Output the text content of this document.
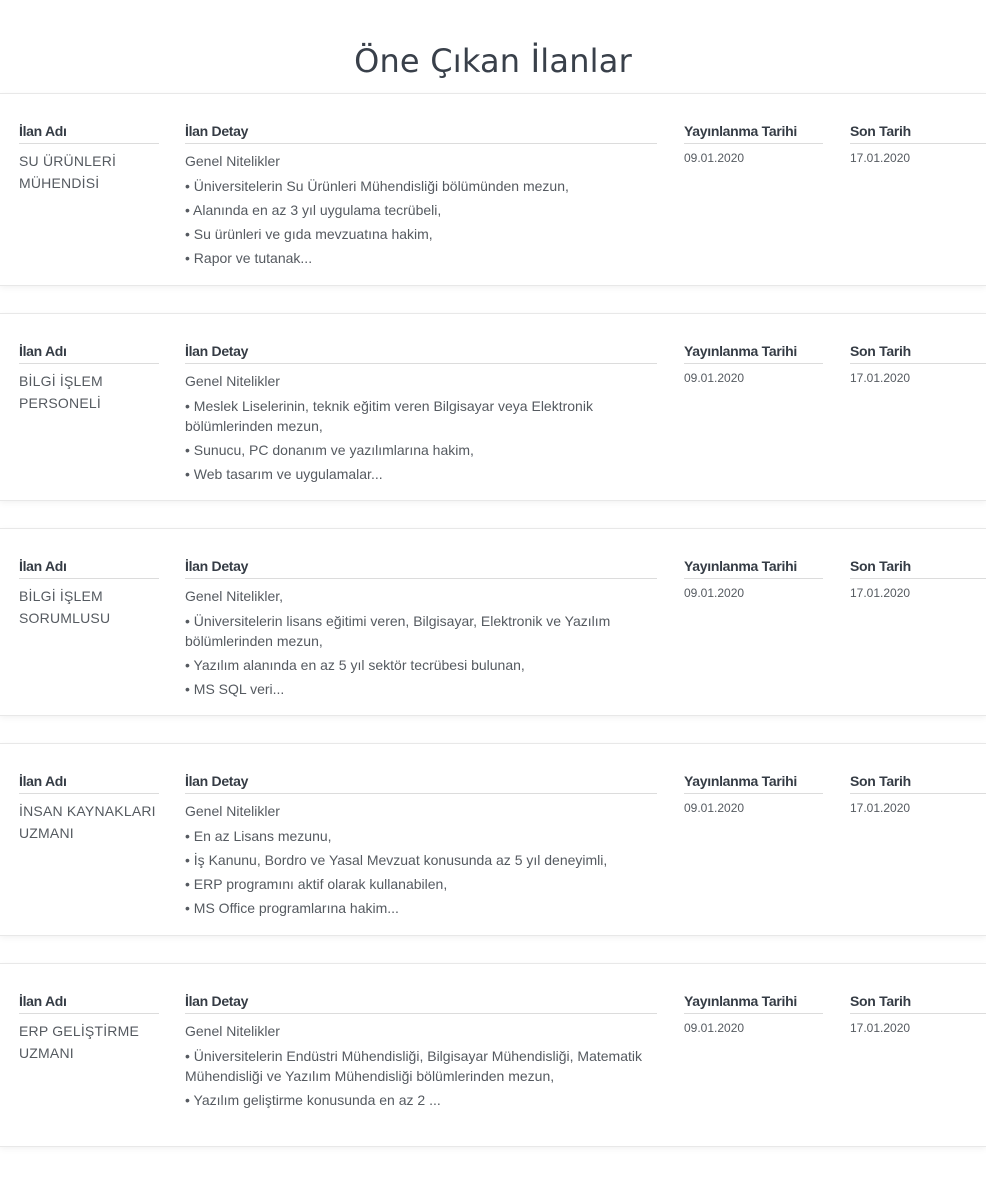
Öne Çıkan İlanlar
İlan Adı
SU ÜRÜNLERİ MÜHENDİSİ
İlan Detay
Genel Nitelikler
• Üniversitelerin Su Ürünleri Mühendisliği bölümünden mezun,
• Alanında en az 3 yıl uygulama tecrübeli,
• Su ürünleri ve gıda mevzuatına hakim,
• Rapor ve tutanak...
Yayınlanma Tarihi
09.01.2020
Son Tarih
17.01.2020
İlan Adı
BİLGİ İŞLEM PERSONELİ
İlan Detay
Genel Nitelikler
• Meslek Liselerinin, teknik eğitim veren Bilgisayar veya Elektronik bölümlerinden mezun,
• Sunucu, PC donanım ve yazılımlarına hakim,
• Web tasarım ve uygulamalar...
Yayınlanma Tarihi
09.01.2020
Son Tarih
17.01.2020
İlan Adı
BİLGİ İŞLEM SORUMLUSU
İlan Detay
Genel Nitelikler,
• Üniversitelerin lisans eğitimi veren, Bilgisayar, Elektronik ve Yazılım bölümlerinden mezun,
• Yazılım alanında en az 5 yıl sektör tecrübesi bulunan,
• MS SQL veri...
Yayınlanma Tarihi
09.01.2020
Son Tarih
17.01.2020
İlan Adı
İNSAN KAYNAKLARI UZMANI
İlan Detay
Genel Nitelikler
• En az Lisans mezunu,
• İş Kanunu, Bordro ve Yasal Mevzuat konusunda az 5 yıl deneyimli,
• ERP programını aktif olarak kullanabilen,
• MS Office programlarına hakim...
Yayınlanma Tarihi
09.01.2020
Son Tarih
17.01.2020
İlan Adı
ERP GELİŞTİRME UZMANI
İlan Detay
Genel Nitelikler
• Üniversitelerin Endüstri Mühendisliği, Bilgisayar Mühendisliği, Matematik Mühendisliği ve Yazılım Mühendisliği bölümlerinden mezun,
• Yazılım geliştirme konusunda en az 2 ...
Yayınlanma Tarihi
09.01.2020
Son Tarih
17.01.2020
